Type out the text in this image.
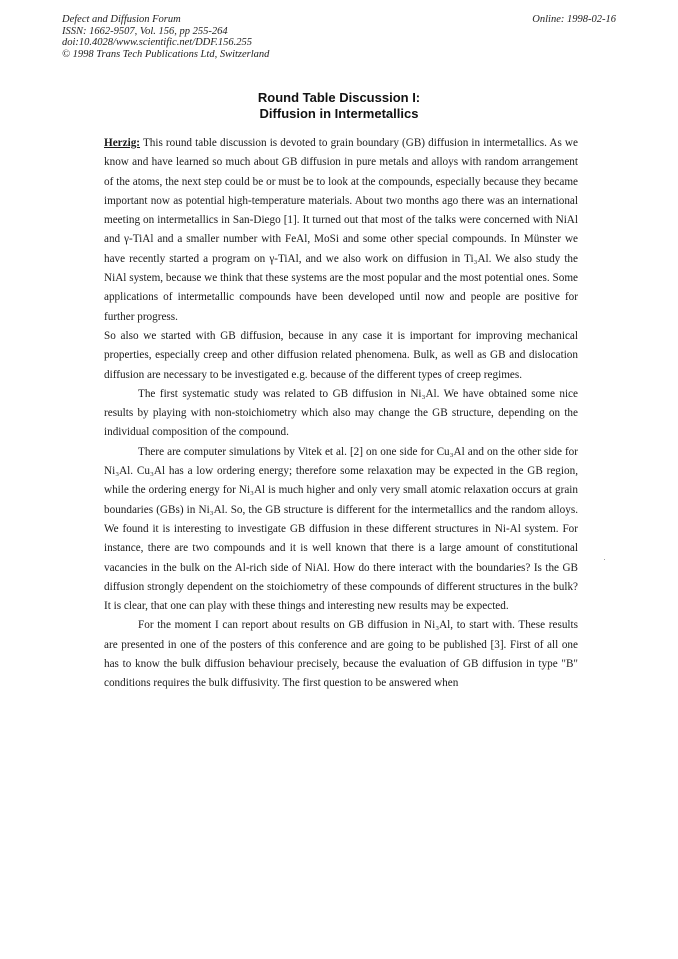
Defect and Diffusion Forum
ISSN: 1662-9507, Vol. 156, pp 255-264
doi:10.4028/www.scientific.net/DDF.156.255
© 1998 Trans Tech Publications Ltd, Switzerland
Online: 1998-02-16
Round Table Discussion I:
Diffusion in Intermetallics

Herzig: This round table discussion is devoted to grain boundary (GB) diffusion in intermetallics. As we know and have learned so much about GB diffusion in pure metals and alloys with random arrangement of the atoms, the next step could be or must be to look at the compounds, especially because they became important now as potential high-temperature materials. About two months ago there was an international meeting on intermetallics in San-Diego [1]. It turned out that most of the talks were concerned with NiAl and γ-TiAl and a smaller number with FeAl, MoSi and some other special compounds. In Münster we have recently started a program on γ-TiAl, and we also work on diffusion in Ti₃Al. We also study the NiAl system, because we think that these systems are the most popular and the most potential ones. Some applications of intermetallic compounds have been developed until now and people are positive for further progress.

So also we started with GB diffusion, because in any case it is important for improving mechanical properties, especially creep and other diffusion related phenomena. Bulk, as well as GB and dislocation diffusion are necessary to be investigated e.g. because of the different types of creep regimes.

The first systematic study was related to GB diffusion in Ni₃Al. We have obtained some nice results by playing with non-stoichiometry which also may change the GB structure, depending on the individual composition of the compound.

There are computer simulations by Vitek et al. [2] on one side for Cu₃Al and on the other side for Ni₃Al. Cu₃Al has a low ordering energy; therefore some relaxation may be expected in the GB region, while the ordering energy for Ni₃Al is much higher and only very small atomic relaxation occurs at grain boundaries (GBs) in Ni₃Al. So, the GB structure is different for the intermetallics and the random alloys. We found it is interesting to investigate GB diffusion in these different structures in Ni-Al system. For instance, there are two compounds and it is well known that there is a large amount of constitutional vacancies in the bulk on the Al-rich side of NiAl. How do there interact with the boundaries? Is the GB diffusion strongly dependent on the stoichiometry of these compounds of different structures in the bulk? It is clear, that one can play with these things and interesting new results may be expected.

For the moment I can report about results on GB diffusion in Ni₃Al, to start with. These results are presented in one of the posters of this conference and are going to be published [3]. First of all one has to know the bulk diffusion behaviour precisely, because the evaluation of GB diffusion in type "B" conditions requires the bulk diffusivity. The first question to be answered when
